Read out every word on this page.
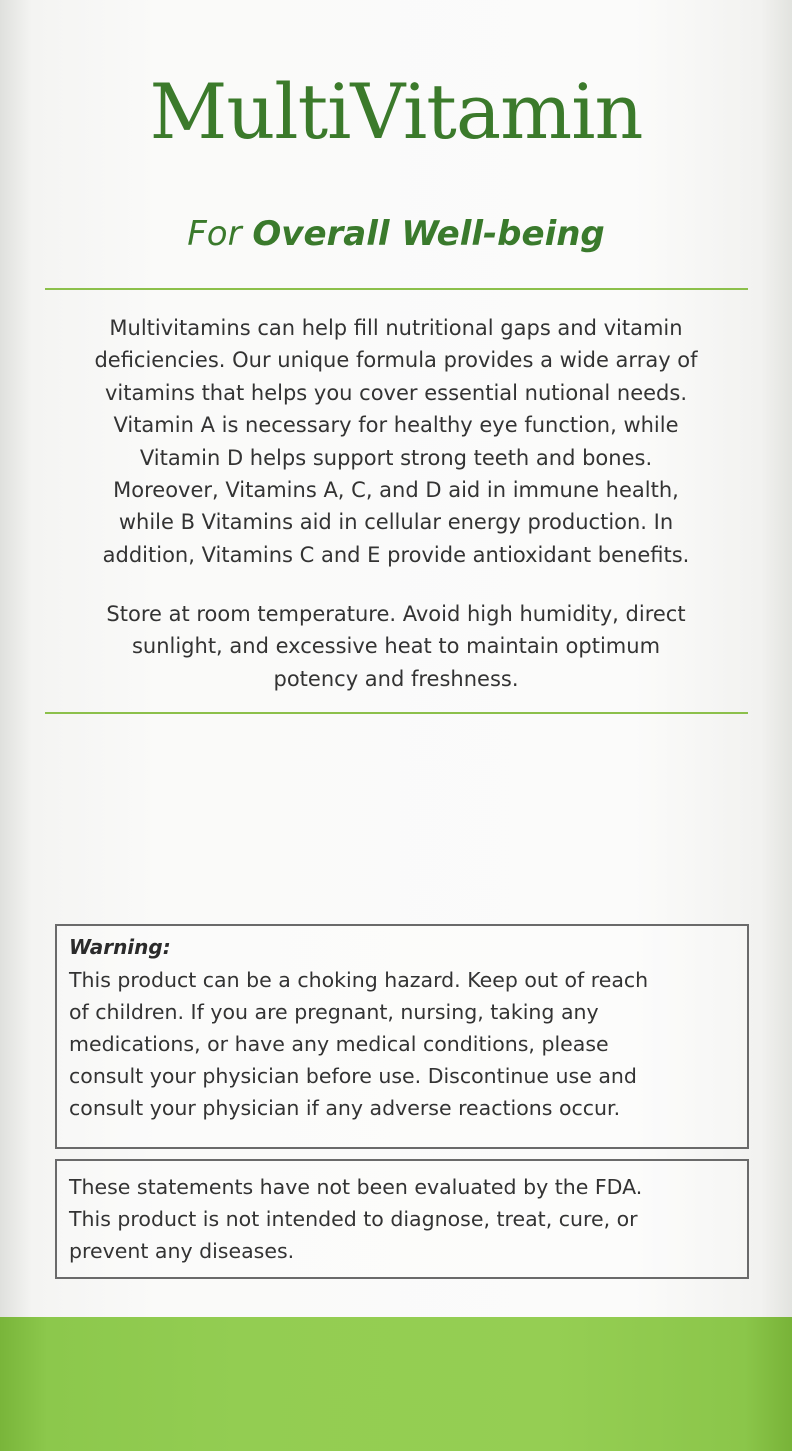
MultiVitamin
For Overall Well-being
Multivitamins can help fill nutritional gaps and vitamin
deficiencies. Our unique formula provides a wide array of
vitamins that helps you cover essential nutional needs.
Vitamin A is necessary for healthy eye function, while
Vitamin D helps support strong teeth and bones.
Moreover, Vitamins A, C, and D aid in immune health,
while B Vitamins aid in cellular energy production. In
addition, Vitamins C and E provide antioxidant benefits.
Store at room temperature. Avoid high humidity, direct
sunlight, and excessive heat to maintain optimum
potency and freshness.
Warning:
This product can be a choking hazard. Keep out of reach
of children. If you are pregnant, nursing, taking any
medications, or have any medical conditions, please
consult your physician before use. Discontinue use and
consult your physician if any adverse reactions occur.
These statements have not been evaluated by the FDA.
This product is not intended to diagnose, treat, cure, or
prevent any diseases.
